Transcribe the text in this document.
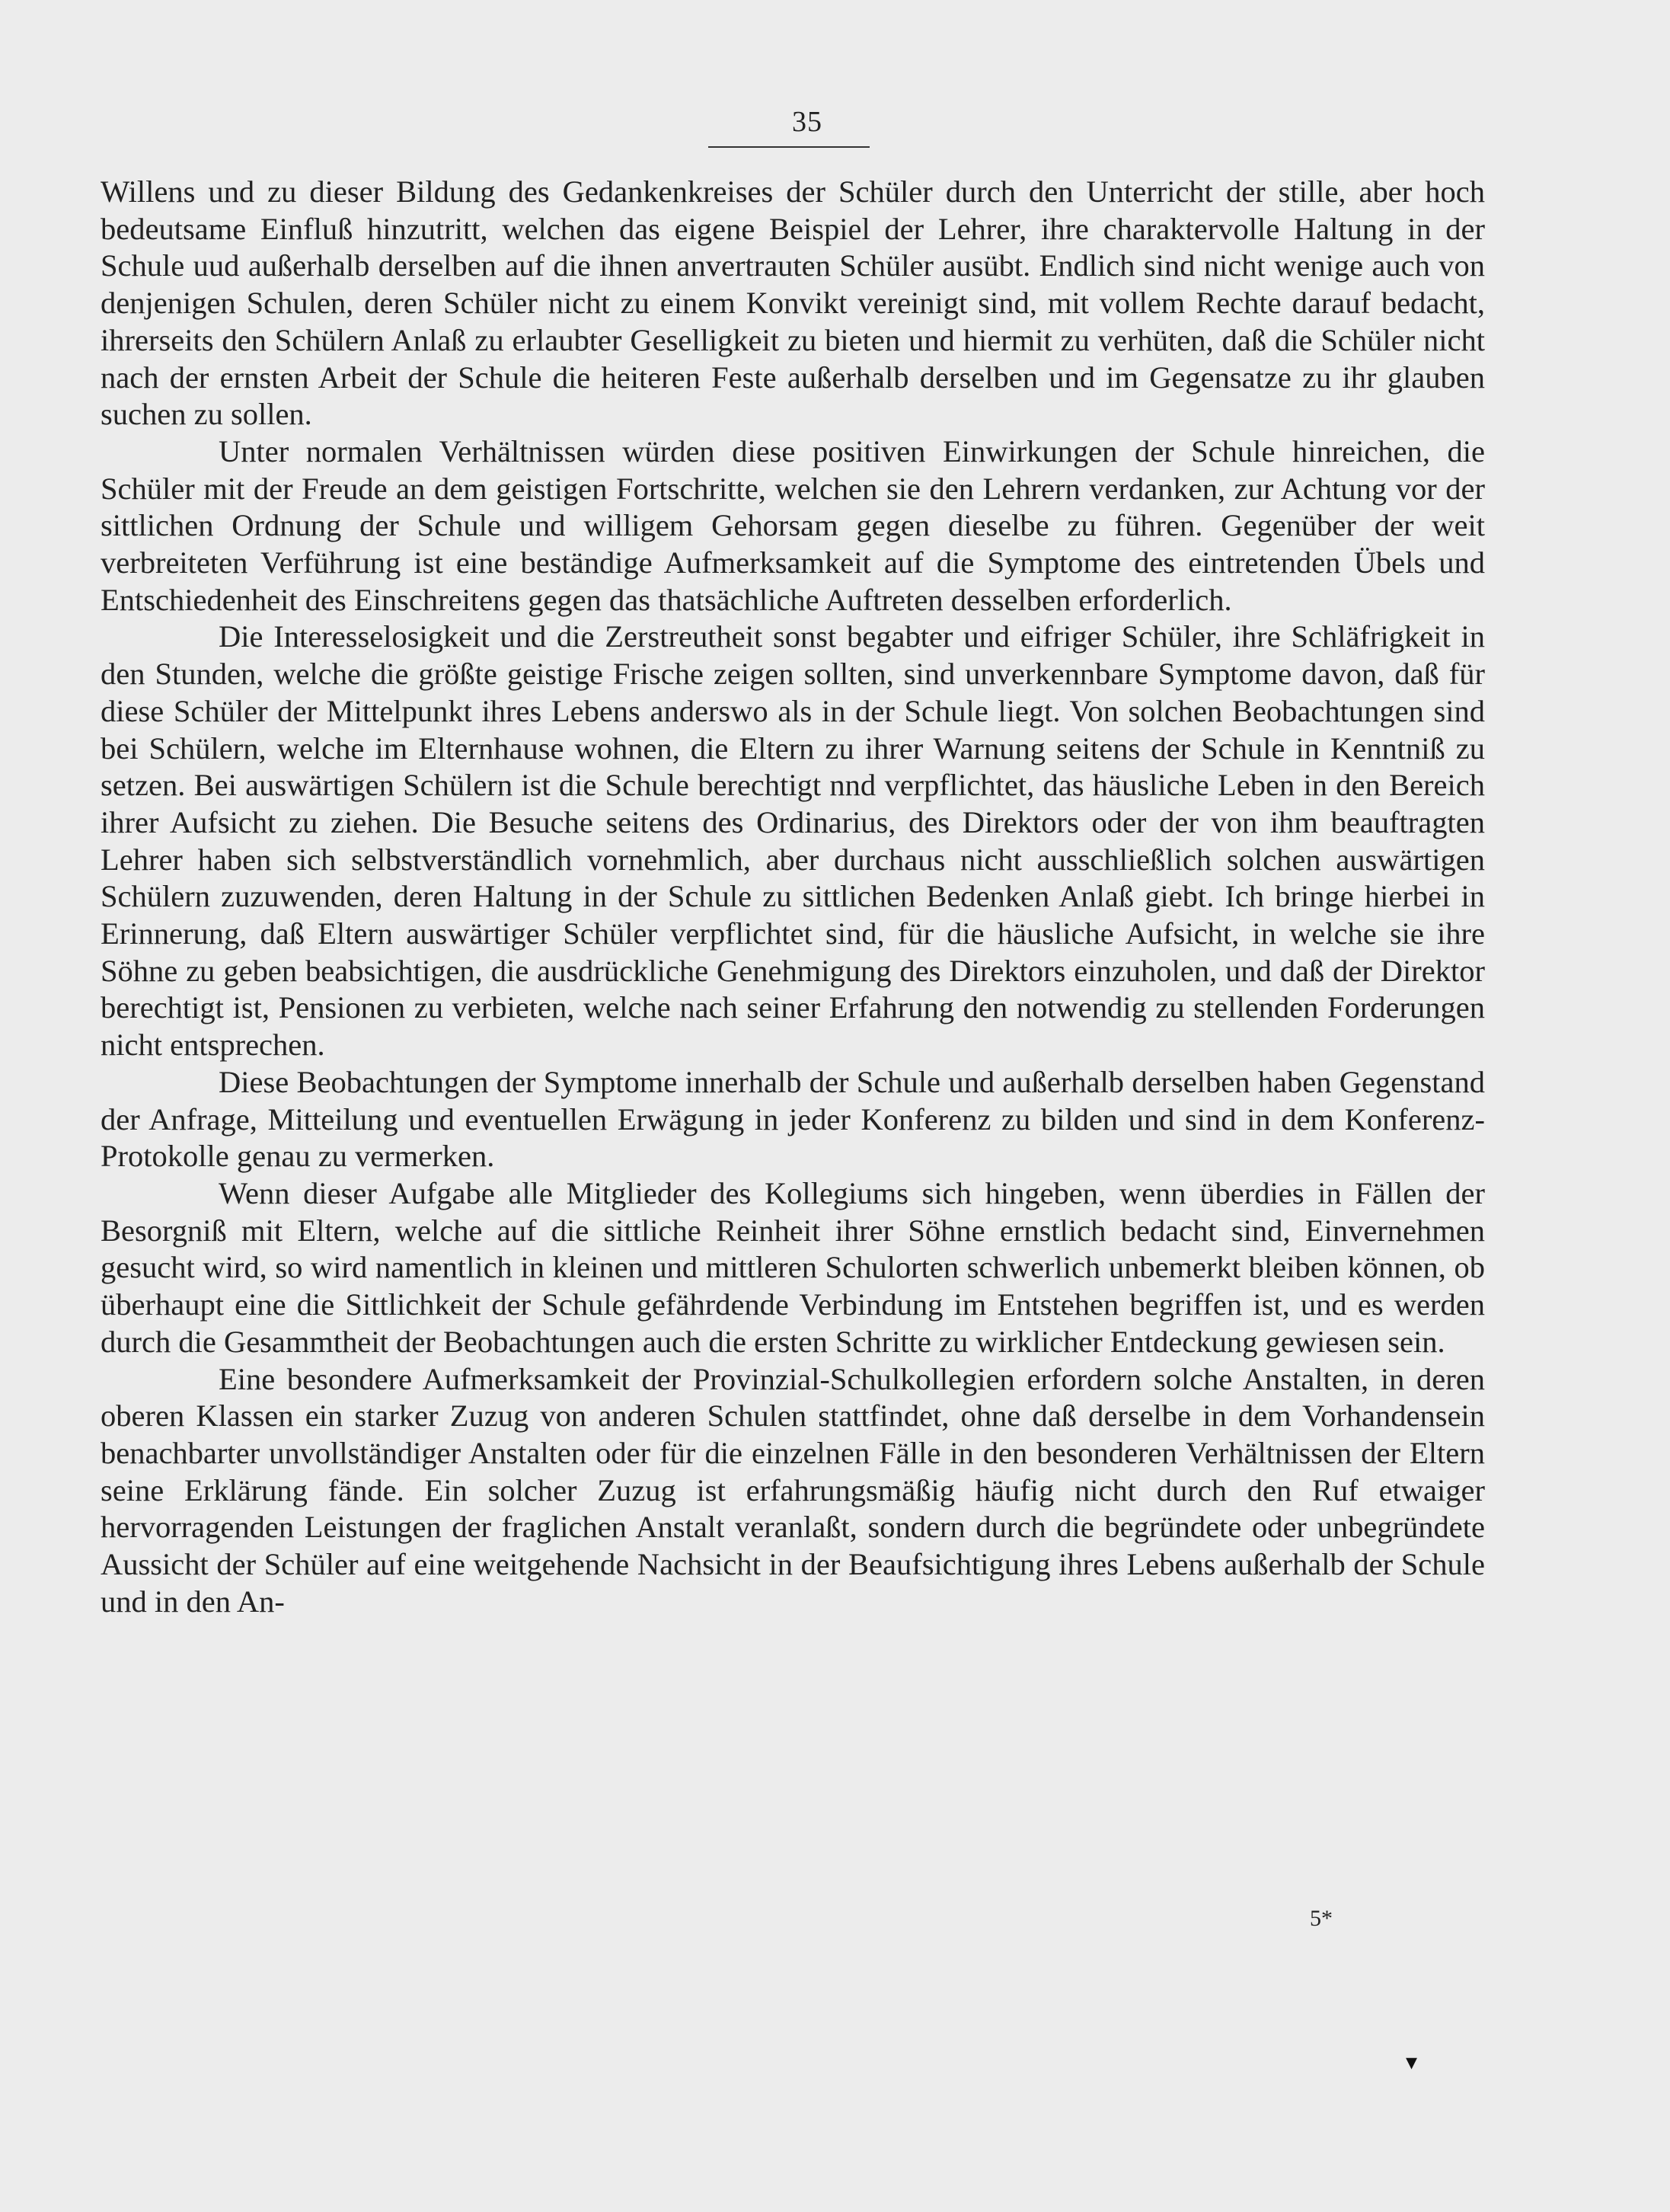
35

Willens und zu dieser Bildung des Gedankenkreises der Schüler durch den Unterricht der stille, aber hoch bedeutsame Einfluß hinzutritt, welchen das eigene Beispiel der Lehrer, ihre charaktervolle Haltung in der Schule uud außerhalb derselben auf die ihnen anvertrauten Schüler ausübt. Endlich sind nicht wenige auch von denjenigen Schulen, deren Schüler nicht zu einem Konvikt vereinigt sind, mit vollem Rechte darauf bedacht, ihrerseits den Schülern Anlaß zu erlaubter Geselligkeit zu bieten und hiermit zu verhüten, daß die Schüler nicht nach der ernsten Arbeit der Schule die heiteren Feste außerhalb derselben und im Gegensatze zu ihr glauben suchen zu sollen.

Unter normalen Verhältnissen würden diese positiven Einwirkungen der Schule hinreichen, die Schüler mit der Freude an dem geistigen Fortschritte, welchen sie den Lehrern verdanken, zur Achtung vor der sittlichen Ordnung der Schule und willigem Gehorsam gegen dieselbe zu führen. Gegenüber der weit verbreiteten Verführung ist eine beständige Aufmerksamkeit auf die Symptome des eintretenden Übels und Entschiedenheit des Einschreitens gegen das thatsächliche Auftreten desselben erforderlich.

Die Interesselosigkeit und die Zerstreutheit sonst begabter und eifriger Schüler, ihre Schläfrigkeit in den Stunden, welche die größte geistige Frische zeigen sollten, sind unverkennbare Symptome davon, daß für diese Schüler der Mittelpunkt ihres Lebens anderswo als in der Schule liegt. Von solchen Beobachtungen sind bei Schülern, welche im Elternhause wohnen, die Eltern zu ihrer Warnung seitens der Schule in Kenntniß zu setzen. Bei auswärtigen Schülern ist die Schule berechtigt nnd verpflichtet, das häusliche Leben in den Bereich ihrer Aufsicht zu ziehen. Die Besuche seitens des Ordinarius, des Direktors oder der von ihm beauftragten Lehrer haben sich selbstverständlich vornehmlich, aber durchaus nicht ausschließlich solchen auswärtigen Schülern zuzuwenden, deren Haltung in der Schule zu sittlichen Bedenken Anlaß giebt. Ich bringe hierbei in Erinnerung, daß Eltern auswärtiger Schüler verpflichtet sind, für die häusliche Aufsicht, in welche sie ihre Söhne zu geben beabsichtigen, die ausdrückliche Genehmigung des Direktors einzuholen, und daß der Direktor berechtigt ist, Pensionen zu verbieten, welche nach seiner Erfahrung den notwendig zu stellenden Forderungen nicht entsprechen.

Diese Beobachtungen der Symptome innerhalb der Schule und außerhalb derselben haben Gegenstand der Anfrage, Mitteilung und eventuellen Erwägung in jeder Konferenz zu bilden und sind in dem Konferenz-Protokolle genau zu vermerken.

Wenn dieser Aufgabe alle Mitglieder des Kollegiums sich hingeben, wenn überdies in Fällen der Besorgniß mit Eltern, welche auf die sittliche Reinheit ihrer Söhne ernstlich bedacht sind, Einvernehmen gesucht wird, so wird namentlich in kleinen und mittleren Schulorten schwerlich unbemerkt bleiben können, ob überhaupt eine die Sittlichkeit der Schule gefährdende Verbindung im Entstehen begriffen ist, und es werden durch die Gesammtheit der Beobachtungen auch die ersten Schritte zu wirklicher Entdeckung gewiesen sein.

Eine besondere Aufmerksamkeit der Provinzial-Schulkollegien erfordern solche Anstalten, in deren oberen Klassen ein starker Zuzug von anderen Schulen stattfindet, ohne daß derselbe in dem Vorhandensein benachbarter unvollständiger Anstalten oder für die einzelnen Fälle in den besonderen Verhältnissen der Eltern seine Erklärung fände. Ein solcher Zuzug ist erfahrungsmäßig häufig nicht durch den Ruf etwaiger hervorragenden Leistungen der fraglichen Anstalt veranlaßt, sondern durch die begründete oder unbegründete Aussicht der Schüler auf eine weitgehende Nachsicht in der Beaufsichtigung ihres Lebens außerhalb der Schule und in den An-

5*
▾
